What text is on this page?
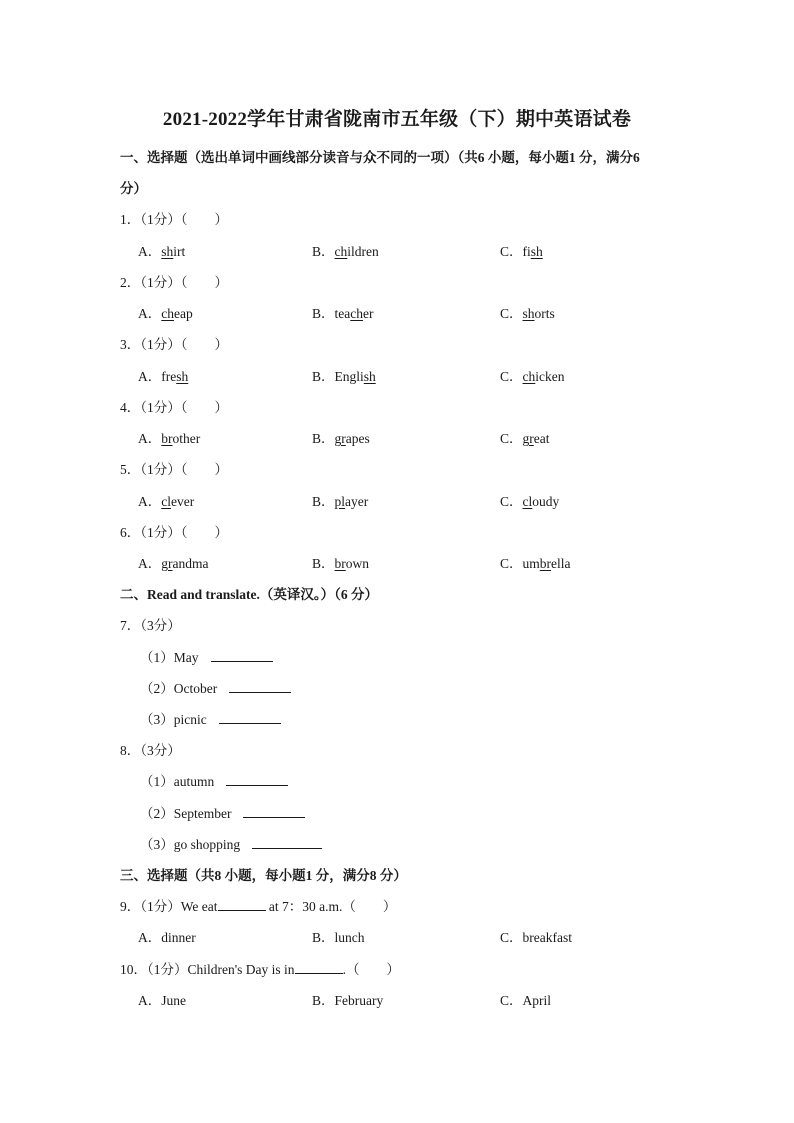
2021-2022学年甘肃省陇南市五年级（下）期中英语试卷
一、选择题（选出单词中画线部分读音与众不同的一项）（共6 小题，每小题1 分，满分6
分）
1．（1分）（　　）
A．shirt	B．children	C．fish
2．（1分）（　　）
A．cheap	B．teacher	C．shorts
3．（1分）（　　）
A．fresh	B．English	C．chicken
4．（1分）（　　）
A．brother	B．grapes	C．great
5．（1分）（　　）
A．clever	B．player	C．cloudy
6．（1分）（　　）
A．grandma	B．brown	C．umbrella
二、Read and translate.（英译汉。）（6 分）
7．（3分）
（1）May
（2）October
（3）picnic
8．（3分）
（1）autumn
（2）September
（3）go shopping
三、选择题（共8 小题，每小题1 分，满分8 分）
9．（1分）We eat	at 7：30 a.m.（　　）
A．dinner	B．lunch	C．breakfast
10．（1分）Children's Day is in	.（　　）
A．June	B．February	C．April
